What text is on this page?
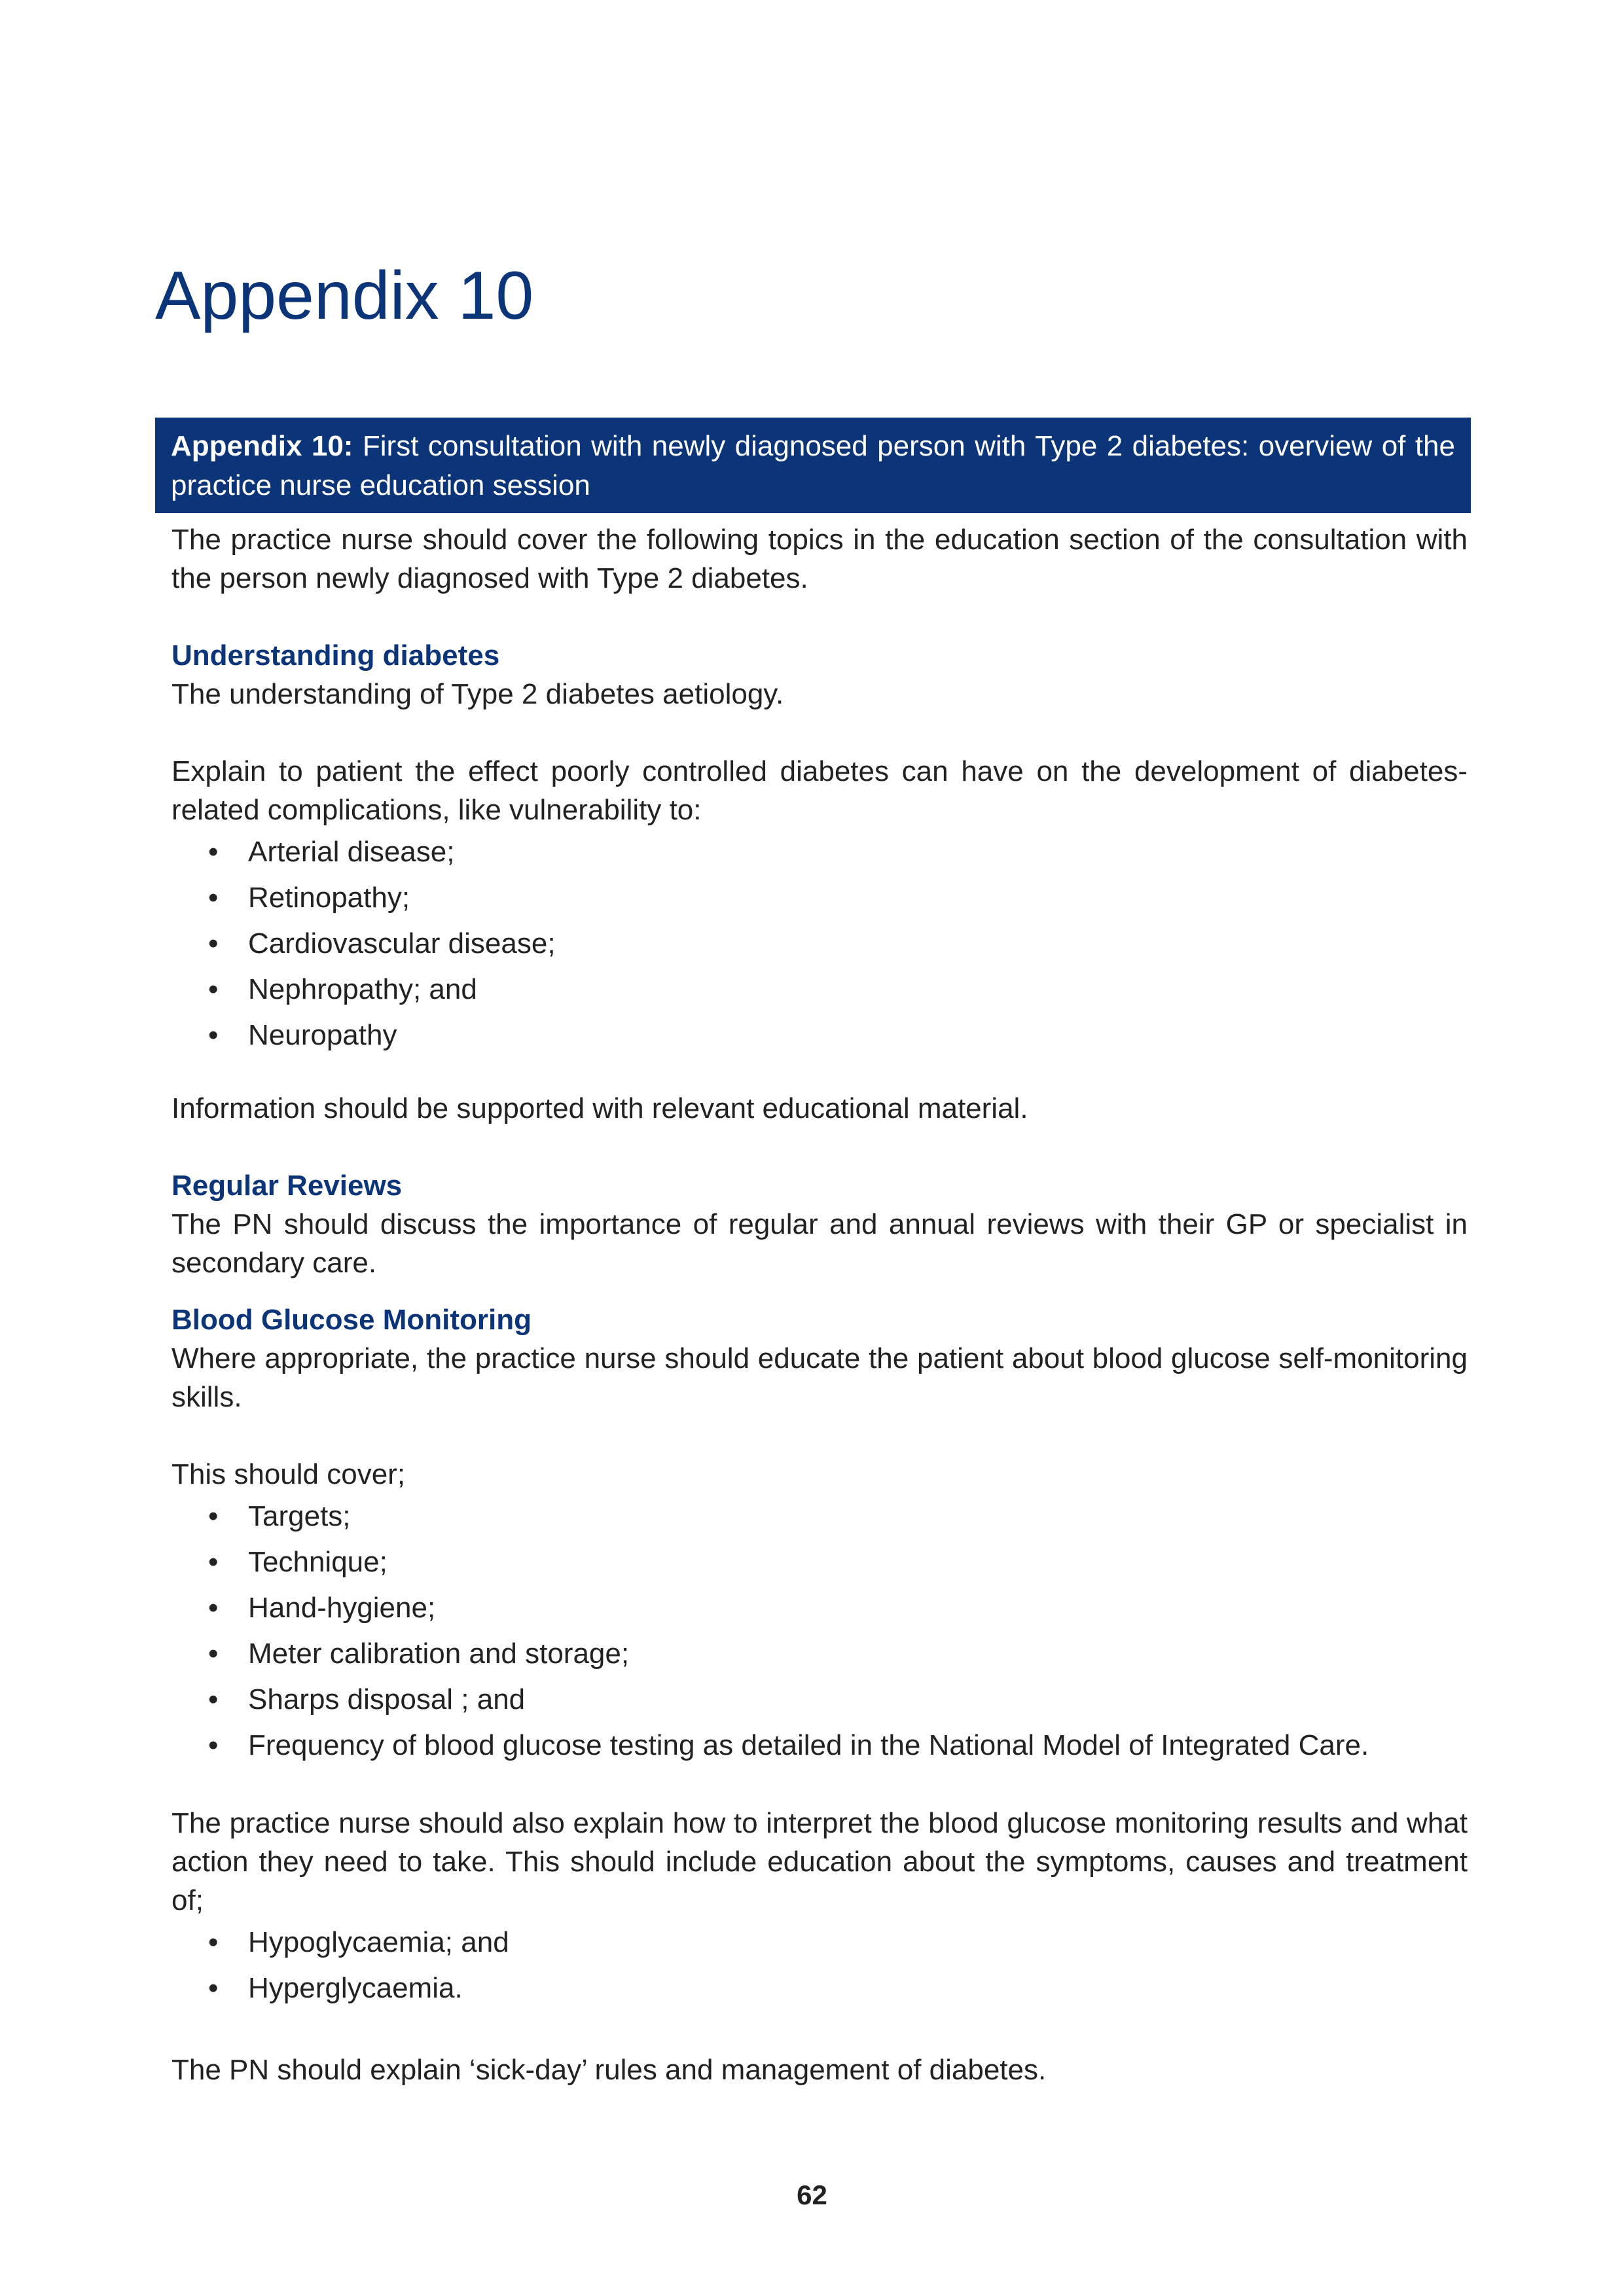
Appendix 10
Appendix 10: First consultation with newly diagnosed person with Type 2 diabetes: overview of the practice nurse education session

The practice nurse should cover the following topics in the education section of the consultation with the person newly diagnosed with Type 2 diabetes.

Understanding diabetes

The understanding of Type 2 diabetes aetiology.

Explain to patient the effect poorly controlled diabetes can have on the development of diabetes-related complications, like vulnerability to:

• Arterial disease;
• Retinopathy;
• Cardiovascular disease;
• Nephropathy; and
• Neuropathy

Information should be supported with relevant educational material.

Regular Reviews

The PN should discuss the importance of regular and annual reviews with their GP or specialist in secondary care.

Blood Glucose Monitoring

Where appropriate, the practice nurse should educate the patient about blood glucose self-monitoring skills.

This should cover;

• Targets;
• Technique;
• Hand-hygiene;
• Meter calibration and storage;
• Sharps disposal ; and
• Frequency of blood glucose testing as detailed in the National Model of Integrated Care.

The practice nurse should also explain how to interpret the blood glucose monitoring results and what action they need to take. This should include education about the symptoms, causes and treatment of;

• Hypoglycaemia; and
• Hyperglycaemia.

The PN should explain ‘sick-day’ rules and management of diabetes.

62
